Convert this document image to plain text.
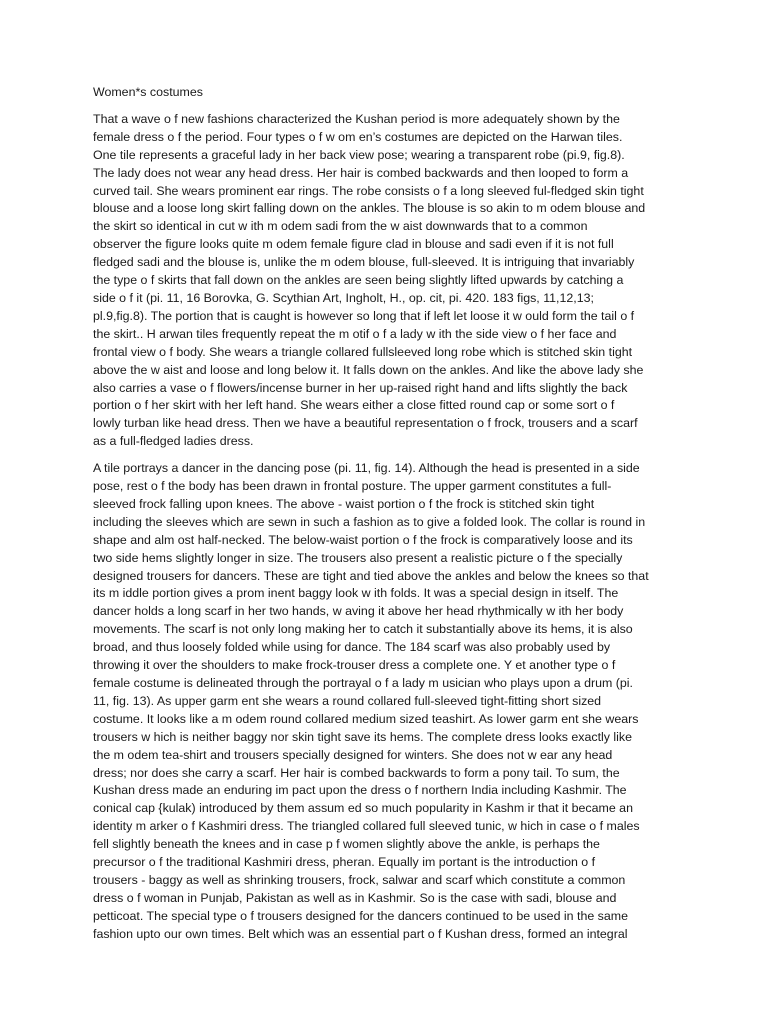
Women*s costumes
That a wave o f new fashions characterized the Kushan period is more adequately shown by the
female dress o f the period. Four types o f w om en’s costumes are depicted on the Harwan tiles.
One tile represents a graceful lady in her back view pose; wearing a transparent robe (pi.9, fig.8).
The lady does not wear any head dress. Her hair is combed backwards and then looped to form a
curved tail. She wears prominent ear rings. The robe consists o f a long sleeved ful-fledged skin tight
blouse and a loose long skirt falling down on the ankles. The blouse is so akin to m odem blouse and
the skirt so identical in cut w ith m odem sadi from the w aist downwards that to a common
observer the figure looks quite m odem female figure clad in blouse and sadi even if it is not full
fledged sadi and the blouse is, unlike the m odem blouse, full-sleeved. It is intriguing that invariably
the type o f skirts that fall down on the ankles are seen being slightly lifted upwards by catching a
side o f it (pi. 11, 16 Borovka, G. Scythian Art, Ingholt, H., op. cit, pi. 420. 183 figs, 11,12,13;
pl.9,fig.8). The portion that is caught is however so long that if left let loose it w ould form the tail o f
the skirt.. H arwan tiles frequently repeat the m otif o f a lady w ith the side view o f her face and
frontal view o f body. She wears a triangle collared fullsleeved long robe which is stitched skin tight
above the w aist and loose and long below it. It falls down on the ankles. And like the above lady she
also carries a vase o f flowers/incense burner in her up-raised right hand and lifts slightly the back
portion o f her skirt with her left hand. She wears either a close fitted round cap or some sort o f
lowly turban like head dress. Then we have a beautiful representation o f frock, trousers and a scarf
as a full-fledged ladies dress.
A tile portrays a dancer in the dancing pose (pi. 11, fig. 14). Although the head is presented in a side
pose, rest o f the body has been drawn in frontal posture. The upper garment constitutes a full-
sleeved frock falling upon knees. The above - waist portion o f the frock is stitched skin tight
including the sleeves which are sewn in such a fashion as to give a folded look. The collar is round in
shape and alm ost half-necked. The below-waist portion o f the frock is comparatively loose and its
two side hems slightly longer in size. The trousers also present a realistic picture o f the specially
designed trousers for dancers. These are tight and tied above the ankles and below the knees so that
its m iddle portion gives a prom inent baggy look w ith folds. It was a special design in itself. The
dancer holds a long scarf in her two hands, w aving it above her head rhythmically w ith her body
movements. The scarf is not only long making her to catch it substantially above its hems, it is also
broad, and thus loosely folded while using for dance. The 184 scarf was also probably used by
throwing it over the shoulders to make frock-trouser dress a complete one. Y et another type o f
female costume is delineated through the portrayal o f a lady m usician who plays upon a drum (pi.
11, fig. 13). As upper garm ent she wears a round collared full-sleeved tight-fitting short sized
costume. It looks like a m odem round collared medium sized teashirt. As lower garm ent she wears
trousers w hich is neither baggy nor skin tight save its hems. The complete dress looks exactly like
the m odem tea-shirt and trousers specially designed for winters. She does not w ear any head
dress; nor does she carry a scarf. Her hair is combed backwards to form a pony tail. To sum, the
Kushan dress made an enduring im pact upon the dress o f northern India including Kashmir. The
conical cap {kulak) introduced by them assum ed so much popularity in Kashm ir that it became an
identity m arker o f Kashmiri dress. The triangled collared full sleeved tunic, w hich in case o f males
fell slightly beneath the knees and in case p f women slightly above the ankle, is perhaps the
precursor o f the traditional Kashmiri dress, pheran. Equally im portant is the introduction o f
trousers - baggy as well as shrinking trousers, frock, salwar and scarf which constitute a common
dress o f woman in Punjab, Pakistan as well as in Kashmir. So is the case with sadi, blouse and
petticoat. The special type o f trousers designed for the dancers continued to be used in the same
fashion upto our own times. Belt which was an essential part o f Kushan dress, formed an integral
